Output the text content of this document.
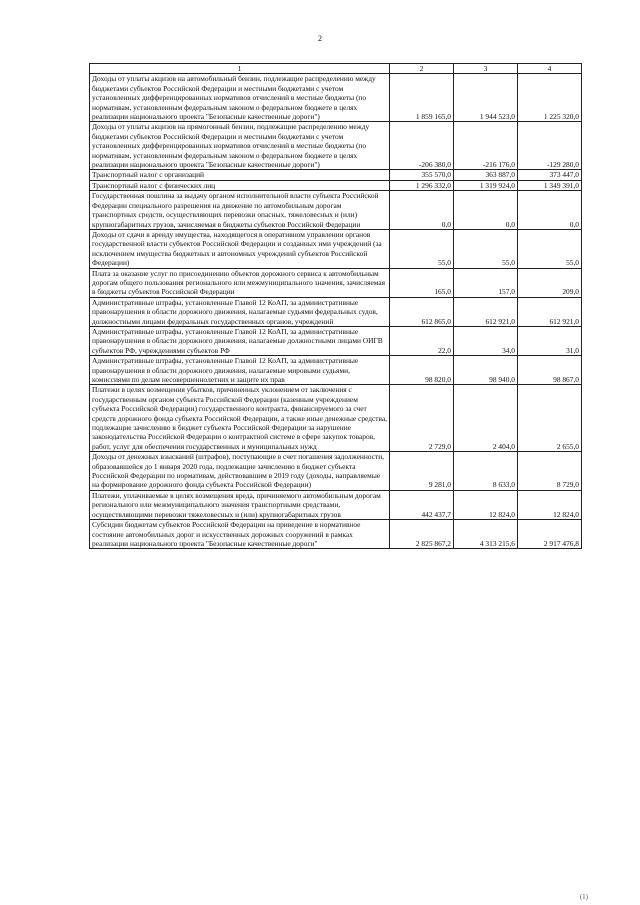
2
1	2	3	4
Доходы от уплаты акцизов на автомобильный бензин, подлежащие распределению между бюджетами субъектов Российской Федерации и местными бюджетами с учетом установленных дифференцированных нормативов отчислений в местные бюджеты (по нормативам, установленным федеральным законом о федеральном бюджете в целях реализации национального проекта "Безопасные качественные дороги")	1 859 165,0	1 944 523,0	1 225 320,0
Доходы от уплаты акцизов на прямогонный бензин, подлежащие распределению между бюджетами субъектов Российской Федерации и местными бюджетами с учетом установленных дифференцированных нормативов отчислений в местные бюджеты (по нормативам, установленным федеральным законом о федеральном бюджете в целях реализации национального проекта "Безопасные качественные дороги")	-206 380,0	-216 176,0	-129 280,0
Транспортный налог с организаций	355 570,0	363 887,0	373 447,0
Транспортный налог с физических лиц	1 296 332,0	1 319 924,0	1 349 391,0
Государственная пошлина за выдачу органом исполнительной власти субъекта Российской Федерации специального разрешения на движение по автомобильным дорогам транспортных средств, осуществляющих перевозки опасных, тяжеловесных и (или) крупногабаритных грузов, зачисляемая в бюджеты субъектов Российской Федерации	0,0	0,0	0,0
Доходы от сдачи в аренду имущества, находящегося в оперативном управлении органов государственной власти субъектов Российской Федерации и созданных ими учреждений (за исключением имущества бюджетных и автономных учреждений субъектов Российской Федерации)	55,0	55,0	55,0
Плата за оказание услуг по присоединению объектов дорожного сервиса к автомобильным дорогам общего пользования регионального или межмуниципального значения, зачисляемая в бюджеты субъектов Российской Федерации	165,0	157,0	209,0
Административные штрафы, установленные Главой 12 КоАП, за административные правонарушения в области дорожного движения, налагаемые судьями федеральных судов, должностными лицами федеральных государственных органов, учреждений	612 865,0	612 921,0	612 921,0
Административные штрафы, установленные Главой 12 КоАП, за административные правонарушения в области дорожного движения, налагаемые должностными лицами ОИГВ субъектов РФ, учреждениями субъектов РФ	22,0	34,0	31,0
Административные штрафы, установленные Главой 12 КоАП, за административные правонарушения в области дорожного движения, налагаемые мировыми судьями, комиссиями по делам несовершеннолетних и защите их прав	98 820,0	98 940,0	98 867,0
Платежи в целях возмещения убытков, причиненных уклонением от заключения с государственным органом субъекта Российской Федерации (казенным учреждением субъекта Российской Федерации) государственного контракта, финансируемого за счет средств дорожного фонда субъекта Российской Федерации, а также иные денежные средства, подлежащие зачислению в бюджет субъекта Российской Федерации за нарушение законодательства Российской Федерации о контрактной системе в сфере закупок товаров, работ, услуг для обеспечения государственных и муниципальных нужд	2 729,0	2 404,0	2 655,0
Доходы от денежных взысканий (штрафов), поступающие в счет погашения задолженности, образовавшейся до 1 января 2020 года, подлежащие зачислению в бюджет субъекта Российской Федерации по нормативам, действовавшим в 2019 году (доходы, направляемые на формирование дорожного фонда субъекта Российской Федерации)	9 281,0	8 633,0	8 729,0
Платежи, уплачиваемые в целях возмещения вреда, причиняемого автомобильным дорогам регионального или межмуниципального значения транспортными средствами, осуществляющими перевозки тяжеловесных и (или) крупногабаритных грузов	442 437,7	12 824,0	12 824,0
Субсидии бюджетам субъектов Российской Федерации на приведение в нормативное состояние автомобильных дорог и искусственных дорожных сооружений в рамках реализации национального проекта "Безопасные качественные дороги"	2 825 867,2	4 313 215,6	2 917 476,8
(1)
